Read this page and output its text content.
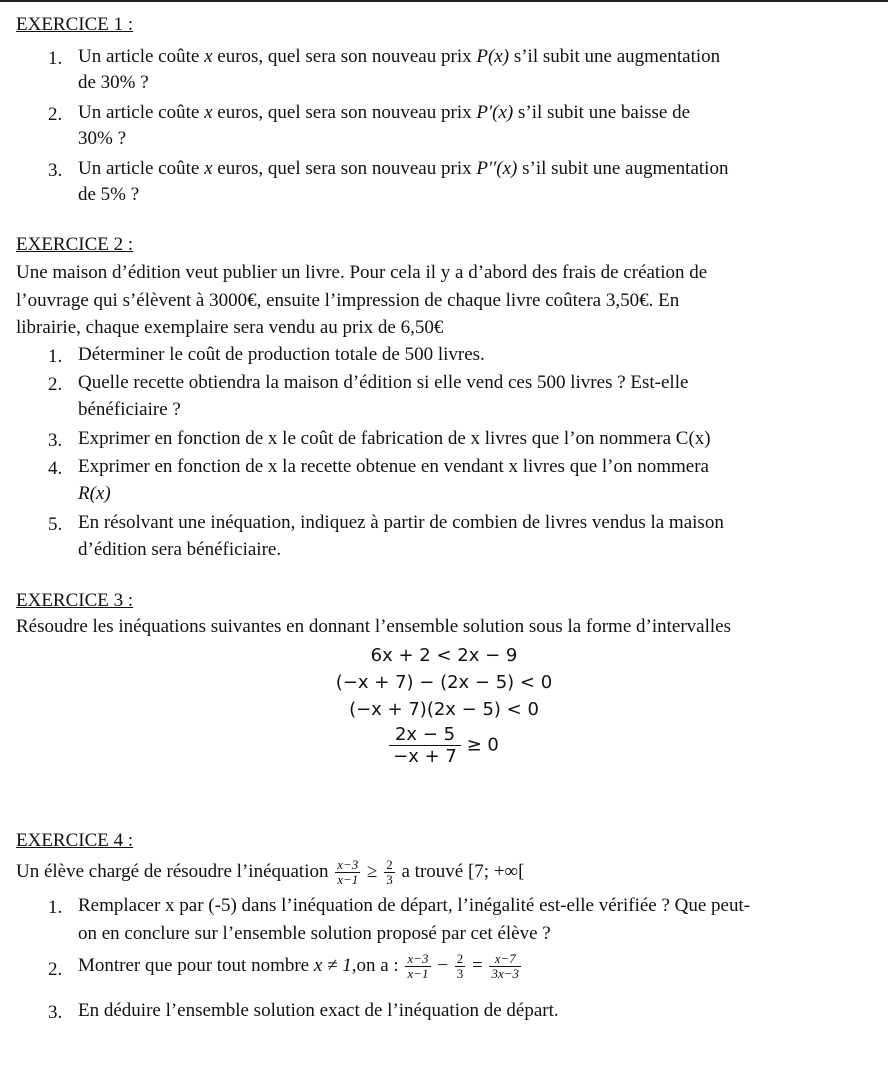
EXERCICE 1 :
1. Un article coûte x euros, quel sera son nouveau prix P(x) s’il subit une augmentation
de 30% ?
2. Un article coûte x euros, quel sera son nouveau prix P′(x) s’il subit une baisse de
30% ?
3. Un article coûte x euros, quel sera son nouveau prix P′′(x) s’il subit une augmentation
de 5% ?
EXERCICE 2 :
Une maison d’édition veut publier un livre. Pour cela il y a d’abord des frais de création de
l’ouvrage qui s’élèvent à 3000€, ensuite l’impression de chaque livre coûtera 3,50€. En
librairie, chaque exemplaire sera vendu au prix de 6,50€
1. Déterminer le coût de production totale de 500 livres.
2. Quelle recette obtiendra la maison d’édition si elle vend ces 500 livres ? Est-elle
bénéficiaire ?
3. Exprimer en fonction de x le coût de fabrication de x livres que l’on nommera C(x)
4. Exprimer en fonction de x la recette obtenue en vendant x livres que l’on nommera
R(x)
5. En résolvant une inéquation, indiquez à partir de combien de livres vendus la maison
d’édition sera bénéficiaire.
EXERCICE 3 :
Résoudre les inéquations suivantes en donnant l’ensemble solution sous la forme d’intervalles
6x + 2 < 2x − 9
(−x + 7) − (2x − 5) < 0
(−x + 7)(2x − 5) < 0
$\frac{2x - 5}{-x + 7} \ge 0$
EXERCICE 4 :
Un élève chargé de résoudre l’inéquation $\frac{x-3}{x-1} \ge \frac{2}{3}$ a trouvé [7; +∞[
1. Remplacer x par (-5) dans l’inéquation de départ, l’inégalité est-elle vérifiée ? Que peut-
on en conclure sur l’ensemble solution proposé par cet élève ?
2. Montrer que pour tout nombre x ≠ 1,on a : $\frac{x-3}{x-1} - \frac{2}{3} = \frac{x-7}{3x-3}$
3. En déduire l’ensemble solution exact de l’inéquation de départ.
